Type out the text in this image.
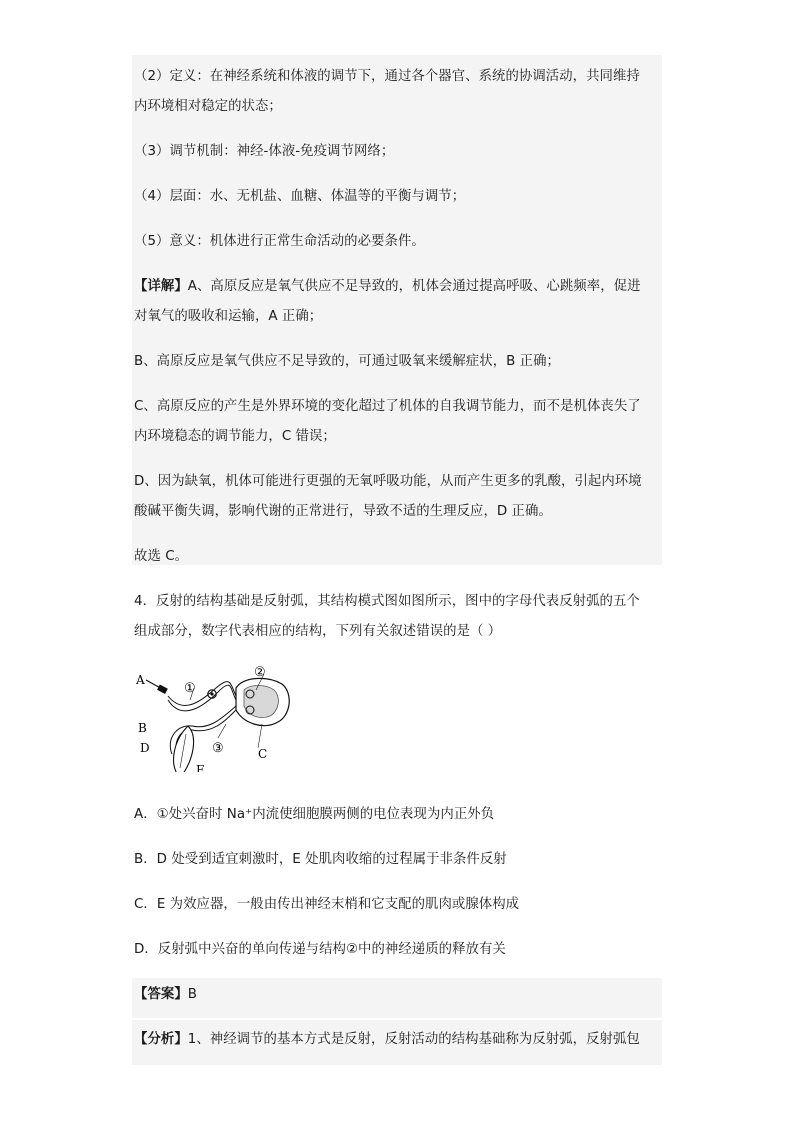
（2）定义：在神经系统和体液的调节下，通过各个器官、系统的协调活动，共同维持
内环境相对稳定的状态；
（3）调节机制：神经-体液-免疫调节网络；
（4）层面：水、无机盐、血糖、体温等的平衡与调节；
（5）意义：机体进行正常生命活动的必要条件。
【详解】A、高原反应是氧气供应不足导致的，机体会通过提高呼吸、心跳频率，促进
对氧气的吸收和运输，A 正确；
B、高原反应是氧气供应不足导致的，可通过吸氧来缓解症状，B 正确；
C、高原反应的产生是外界环境的变化超过了机体的自我调节能力，而不是机体丧失了
内环境稳态的调节能力，C 错误；
D、因为缺氧，机体可能进行更强的无氧呼吸功能，从而产生更多的乳酸，引起内环境
酸碱平衡失调，影响代谢的正常进行，导致不适的生理反应，D 正确。
故选 C。
4．反射的结构基础是反射弧，其结构模式图如图所示，图中的字母代表反射弧的五个
组成部分，数字代表相应的结构，下列有关叙述错误的是（ ）
A
B
C
D
E
①
②
③
A．①处兴奋时 Na⁺内流使细胞膜两侧的电位表现为内正外负
B．D 处受到适宜刺激时，E 处肌肉收缩的过程属于非条件反射
C．E 为效应器，一般由传出神经末梢和它支配的肌肉或腺体构成
D．反射弧中兴奋的单向传递与结构②中的神经递质的释放有关
【答案】B
【分析】1、神经调节的基本方式是反射，反射活动的结构基础称为反射弧，反射弧包
